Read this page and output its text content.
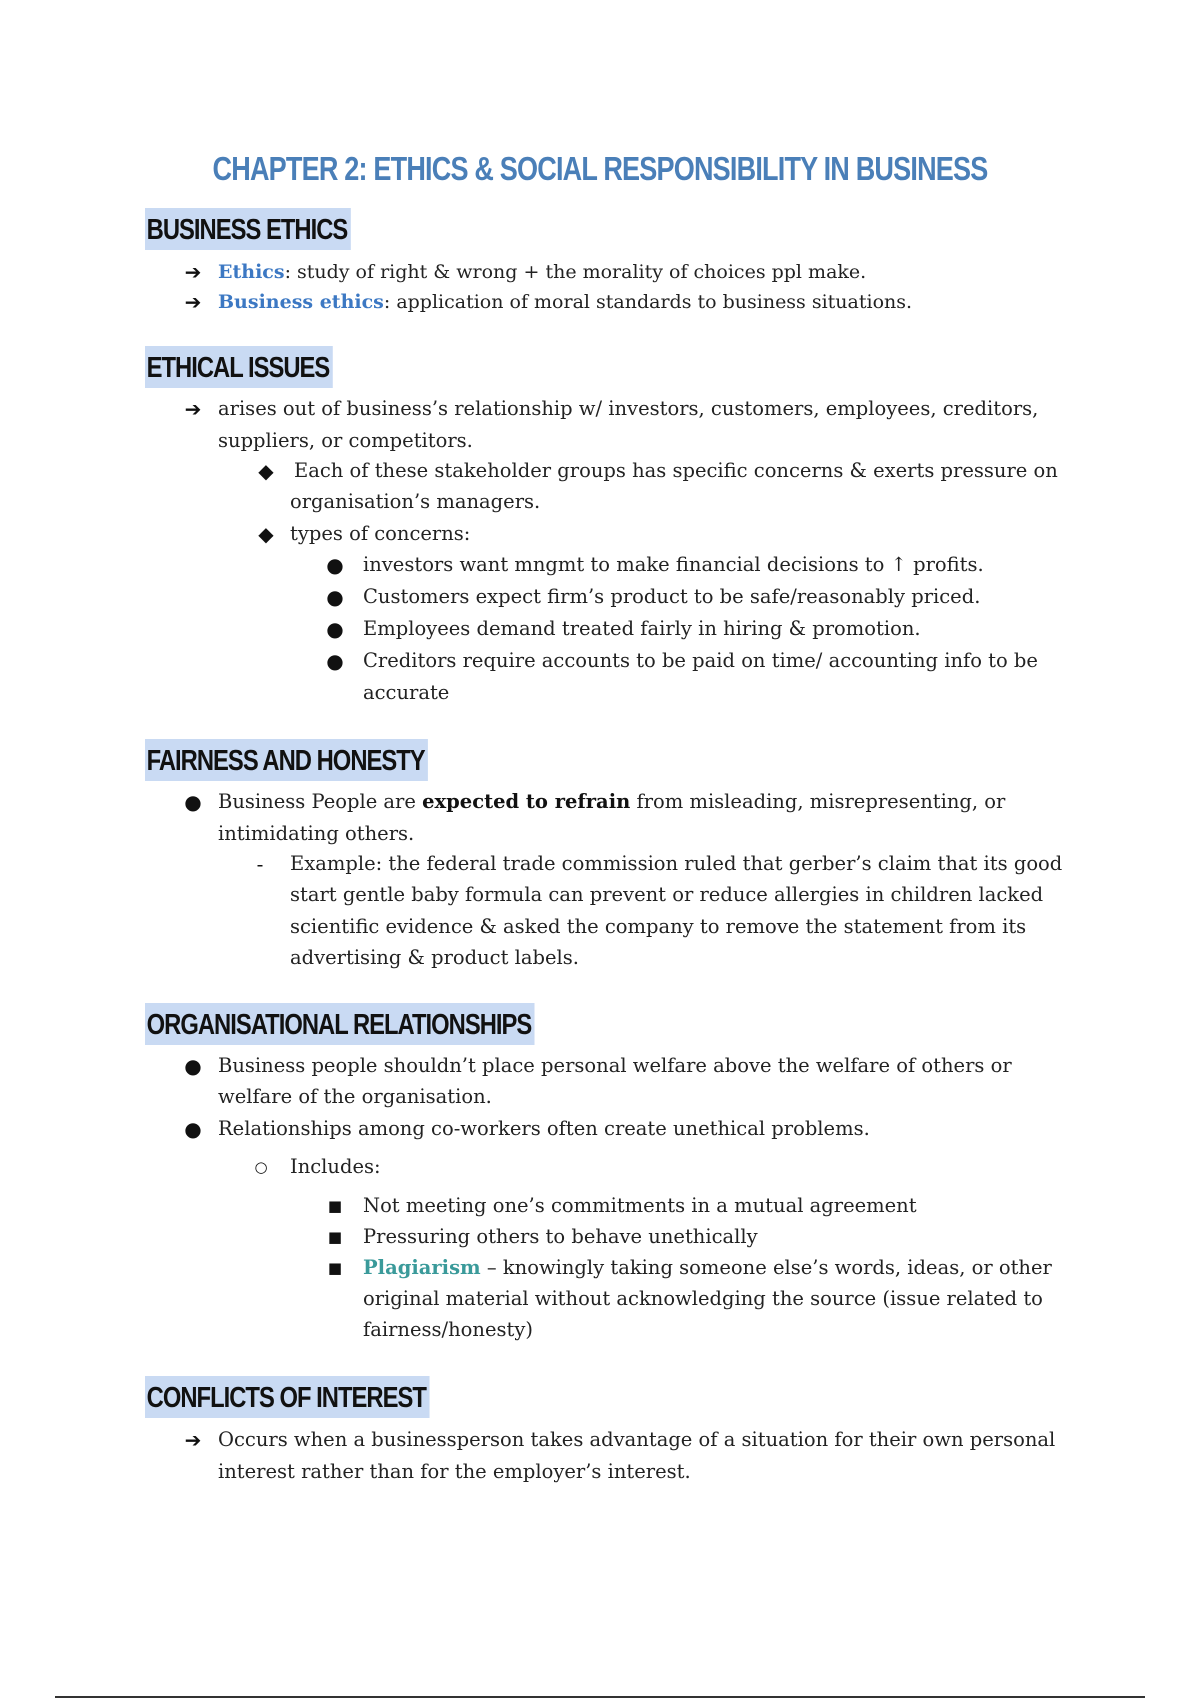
CHAPTER 2: ETHICS & SOCIAL RESPONSIBILITY IN BUSINESS
BUSINESS ETHICS
➔ Ethics: study of right & wrong + the morality of choices ppl make.
➔ Business ethics: application of moral standards to business situations.
ETHICAL ISSUES
➔ arises out of business’s relationship w/ investors, customers, employees, creditors,
suppliers, or competitors.
◆ Each of these stakeholder groups has specific concerns & exerts pressure on
organisation’s managers.
◆ types of concerns:
● investors want mngmt to make financial decisions to ↑ profits.
● Customers expect firm’s product to be safe/reasonably priced.
● Employees demand treated fairly in hiring & promotion.
● Creditors require accounts to be paid on time/ accounting info to be
accurate
FAIRNESS AND HONESTY
● Business People are expected to refrain from misleading, misrepresenting, or
intimidating others.
-	Example: the federal trade commission ruled that gerber’s claim that its good
start gentle baby formula can prevent or reduce allergies in children lacked
scientific evidence & asked the company to remove the statement from its
advertising & product labels.
ORGANISATIONAL RELATIONSHIPS
● Business people shouldn’t place personal welfare above the welfare of others or
welfare of the organisation.
● Relationships among co-workers often create unethical problems.
○ Includes:
■ Not meeting one’s commitments in a mutual agreement
■ Pressuring others to behave unethically
■ Plagiarism – knowingly taking someone else’s words, ideas, or other
original material without acknowledging the source (issue related to
fairness/honesty)
CONFLICTS OF INTEREST
➔ Occurs when a businessperson takes advantage of a situation for their own personal
interest rather than for the employer’s interest.
